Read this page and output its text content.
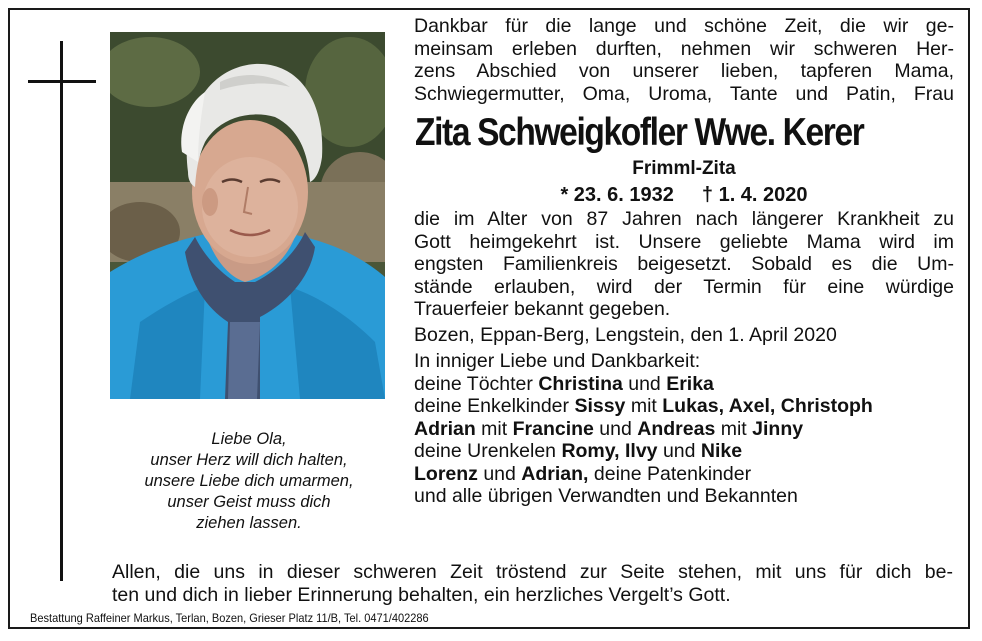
Liebe Ola,
unser Herz will dich halten,
unsere Liebe dich umarmen,
unser Geist muss dich
ziehen lassen.
Dankbar für die lange und schöne Zeit, die wir ge-
meinsam erleben durften, nehmen wir schweren Her-
zens Abschied von unserer lieben, tapferen Mama,
Schwiegermutter, Oma, Uroma, Tante und Patin, Frau
Zita Schweigkofler Wwe. Kerer
Frimml-Zita
* 23. 6. 1932 † 1. 4. 2020
die im Alter von 87 Jahren nach längerer Krankheit zu
Gott heimgekehrt ist. Unsere geliebte Mama wird im
engsten Familienkreis beigesetzt. Sobald es die Um-
stände erlauben, wird der Termin für eine würdige
Trauerfeier bekannt gegeben.
Bozen, Eppan-Berg, Lengstein, den 1. April 2020
In inniger Liebe und Dankbarkeit:
deine Töchter Christina und Erika
deine Enkelkinder Sissy mit Lukas, Axel, Christoph
Adrian mit Francine und Andreas mit Jinny
deine Urenkelen Romy, Ilvy und Nike
Lorenz und Adrian, deine Patenkinder
und alle übrigen Verwandten und Bekannten
Allen, die uns in dieser schweren Zeit tröstend zur Seite stehen, mit uns für dich be-
ten und dich in lieber Erinnerung behalten, ein herzliches Vergelt’s Gott.
Bestattung Raffeiner Markus, Terlan, Bozen, Grieser Platz 11/B, Tel. 0471/402286
